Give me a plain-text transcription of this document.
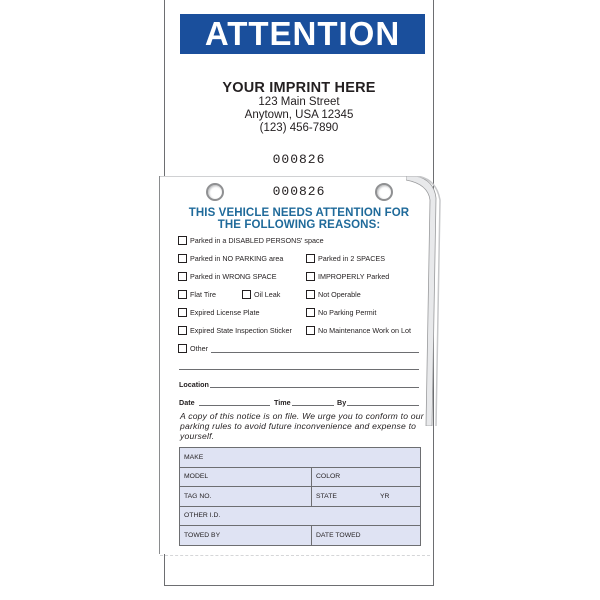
ATTENTION
YOUR IMPRINT HERE
123 Main Street
Anytown, USA 12345
(123) 456-7890
000826
000826
THIS VEHICLE NEEDS ATTENTION FOR
THE FOLLOWING REASONS:
Parked in a DISABLED PERSONS' space
Parked in NO PARKING area	Parked in 2 SPACES
Parked in WRONG SPACE	IMPROPERLY Parked
Flat Tire	Oil Leak	Not Operable
Expired License Plate	No Parking Permit
Expired State Inspection Sticker	No Maintenance Work on Lot
Other
Location
Date	Time	By
A copy of this notice is on file. We urge you to conform to our parking rules to avoid future inconvenience and expense to yourself.
MAKE
MODEL	COLOR
TAG NO.	STATE	YR
OTHER I.D.
TOWED BY	DATE TOWED
